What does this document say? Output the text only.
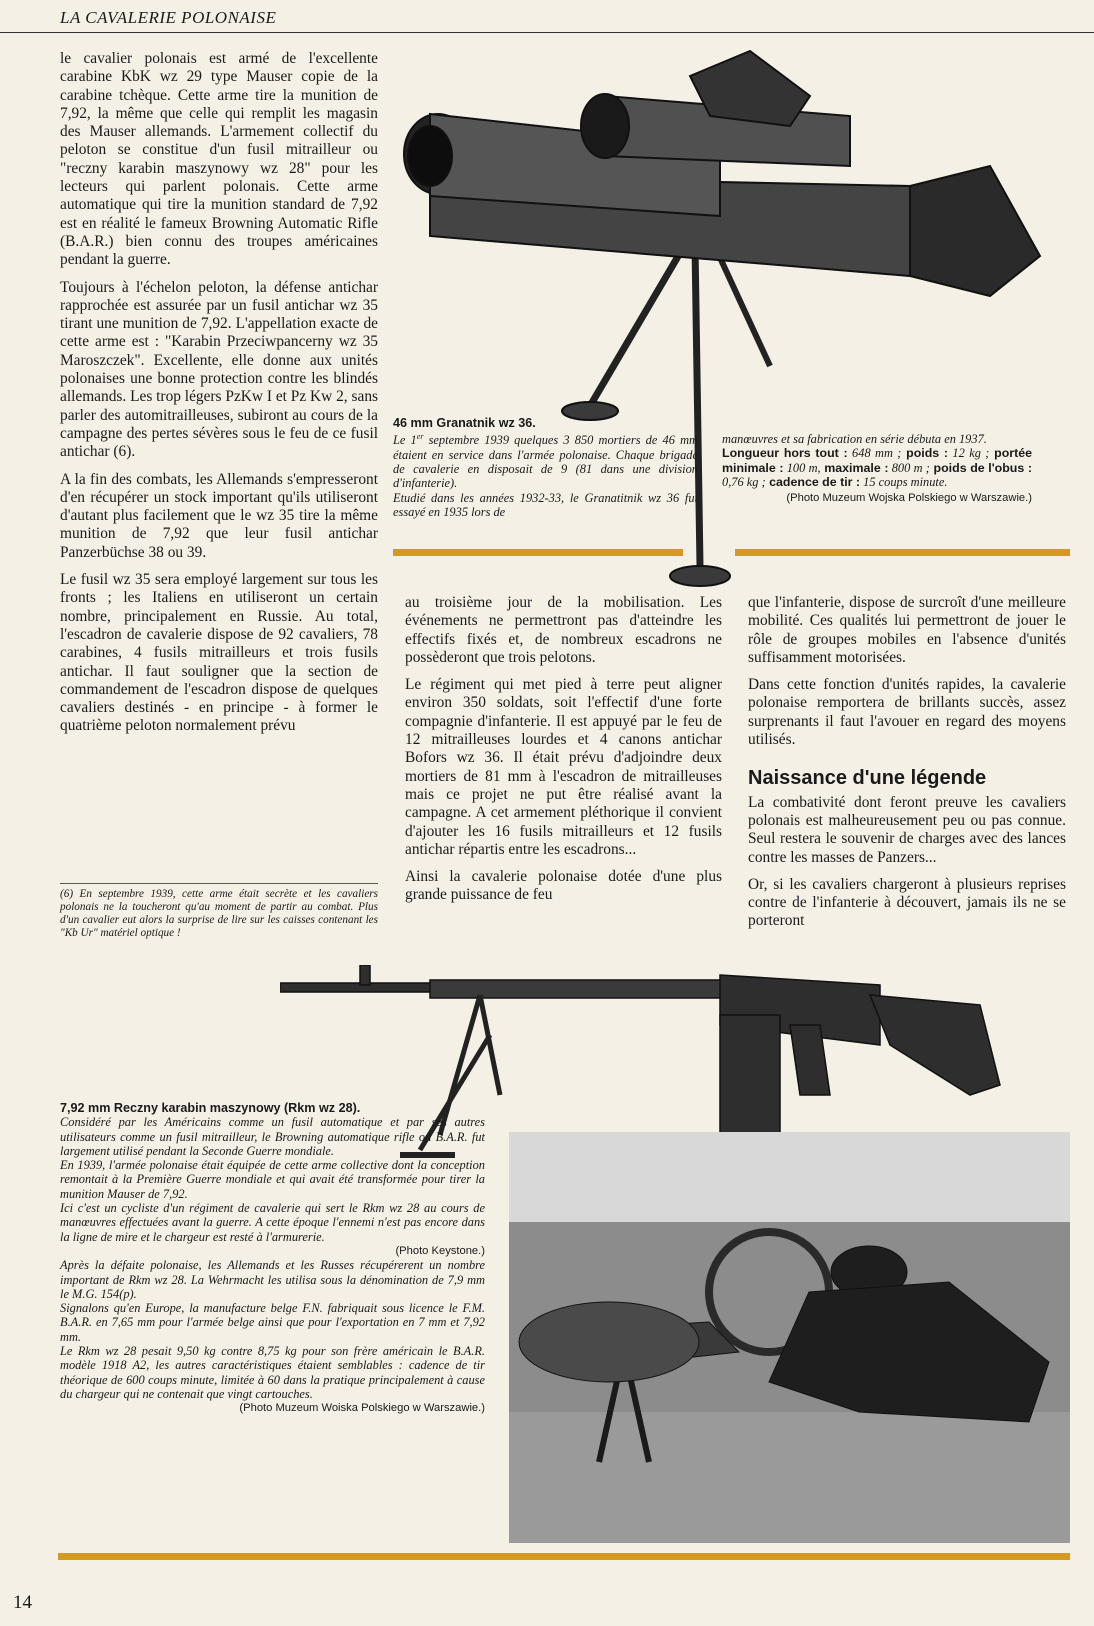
LA CAVALERIE POLONAISE

le cavalier polonais est armé de l'excellente carabine KbK wz 29 type Mauser copie de la carabine tchèque. Cette arme tire la munition de 7,92, la même que celle qui remplit les magasin des Mauser allemands. L'armement collectif du peloton se constitue d'un fusil mitrailleur ou "reczny karabin maszynowy wz 28" pour les lecteurs qui parlent polonais. Cette arme automatique qui tire la munition standard de 7,92 est en réalité le fameux Browning Automatic Rifle (B.A.R.) bien connu des troupes américaines pendant la guerre.

Toujours à l'échelon peloton, la défense antichar rapprochée est assurée par un fusil antichar wz 35 tirant une munition de 7,92. L'appellation exacte de cette arme est : "Karabin Przeciwpancerny wz 35 Maroszczek". Excellente, elle donne aux unités polonaises une bonne protection contre les blindés allemands. Les trop légers PzKw I et Pz Kw 2, sans parler des automitrailleuses, subiront au cours de la campagne des pertes sévères sous le feu de ce fusil antichar (6).

A la fin des combats, les Allemands s'empresseront d'en récupérer un stock important qu'ils utiliseront d'autant plus facilement que le wz 35 tire la même munition de 7,92 que leur fusil antichar Panzerbüchse 38 ou 39.

Le fusil wz 35 sera employé largement sur tous les fronts ; les Italiens en utiliseront un certain nombre, principalement en Russie. Au total, l'escadron de cavalerie dispose de 92 cavaliers, 78 carabines, 4 fusils mitrailleurs et trois fusils antichar. Il faut souligner que la section de commandement de l'escadron dispose de quelques cavaliers destinés - en principe - à former le quatrième peloton normalement prévu

(6) En septembre 1939, cette arme était secrète et les cavaliers polonais ne la toucheront qu'au moment de partir au combat. Plus d'un cavalier eut alors la surprise de lire sur les caisses contenant les "Kb Ur" matériel optique !
46 mm Granatnik wz 36.
Le 1er septembre 1939 quelques 3 850 mortiers de 46 mm étaient en service dans l'armée polonaise. Chaque brigade de cavalerie en disposait de 9 (81 dans une division d'infanterie).
Etudié dans les années 1932-33, le Granatitnik wz 36 fut essayé en 1935 lors de
manœuvres et sa fabrication en série débuta en 1937.
Longueur hors tout : 648 mm ; poids : 12 kg ; portée minimale : 100 m, maximale : 800 m ; poids de l'obus : 0,76 kg ; cadence de tir : 15 coups minute.
(Photo Muzeum Wojska Polskiego w Warszawie.)

au troisième jour de la mobilisation. Les événements ne permettront pas d'atteindre les effectifs fixés et, de nombreux escadrons ne possèderont que trois pelotons.

Le régiment qui met pied à terre peut aligner environ 350 soldats, soit l'effectif d'une forte compagnie d'infanterie. Il est appuyé par le feu de 12 mitrailleuses lourdes et 4 canons antichar Bofors wz 36. Il était prévu d'adjoindre deux mortiers de 81 mm à l'escadron de mitrailleuses mais ce projet ne put être réalisé avant la campagne. A cet armement pléthorique il convient d'ajouter les 16 fusils mitrailleurs et 12 fusils antichar répartis entre les escadrons...

Ainsi la cavalerie polonaise dotée d'une plus grande puissance de feu

que l'infanterie, dispose de surcroît d'une meilleure mobilité. Ces qualités lui permettront de jouer le rôle de groupes mobiles en l'absence d'unités suffisamment motorisées.

Dans cette fonction d'unités rapides, la cavalerie polonaise remportera de brillants succès, assez surprenants il faut l'avouer en regard des moyens utilisés.

Naissance d'une légende

La combativité dont feront preuve les cavaliers polonais est malheureusement peu ou pas connue. Seul restera le souvenir de charges avec des lances contre les masses de Panzers...

Or, si les cavaliers chargeront à plusieurs reprises contre de l'infanterie à découvert, jamais ils ne se porteront

7,92 mm Reczny karabin maszynowy (Rkm wz 28).
Considéré par les Américains comme un fusil automatique et par ses autres utilisateurs comme un fusil mitrailleur, le Browning automatique rifle ou B.A.R. fut largement utilisé pendant la Seconde Guerre mondiale.
En 1939, l'armée polonaise était équipée de cette arme collective dont la conception remontait à la Première Guerre mondiale et qui avait été transformée pour tirer la munition Mauser de 7,92.
Ici c'est un cycliste d'un régiment de cavalerie qui sert le Rkm wz 28 au cours de manœuvres effectuées avant la guerre. A cette époque l'ennemi n'est pas encore dans la ligne de mire et le chargeur est resté à l'armurerie.
(Photo Keystone.)
Après la défaite polonaise, les Allemands et les Russes récupérerent un nombre important de Rkm wz 28. La Wehrmacht les utilisa sous la dénomination de 7,9 mm le M.G. 154(p).
Signalons qu'en Europe, la manufacture belge F.N. fabriquait sous licence le F.M. B.A.R. en 7,65 mm pour l'armée belge ainsi que pour l'exportation en 7 mm et 7,92 mm.
Le Rkm wz 28 pesait 9,50 kg contre 8,75 kg pour son frère américain le B.A.R. modèle 1918 A2, les autres caractéristiques étaient semblables : cadence de tir théorique de 600 coups minute, limitée à 60 dans la pratique principalement à cause du chargeur qui ne contenait que vingt cartouches.
(Photo Muzeum Woiska Polskiego w Warszawie.)
14
